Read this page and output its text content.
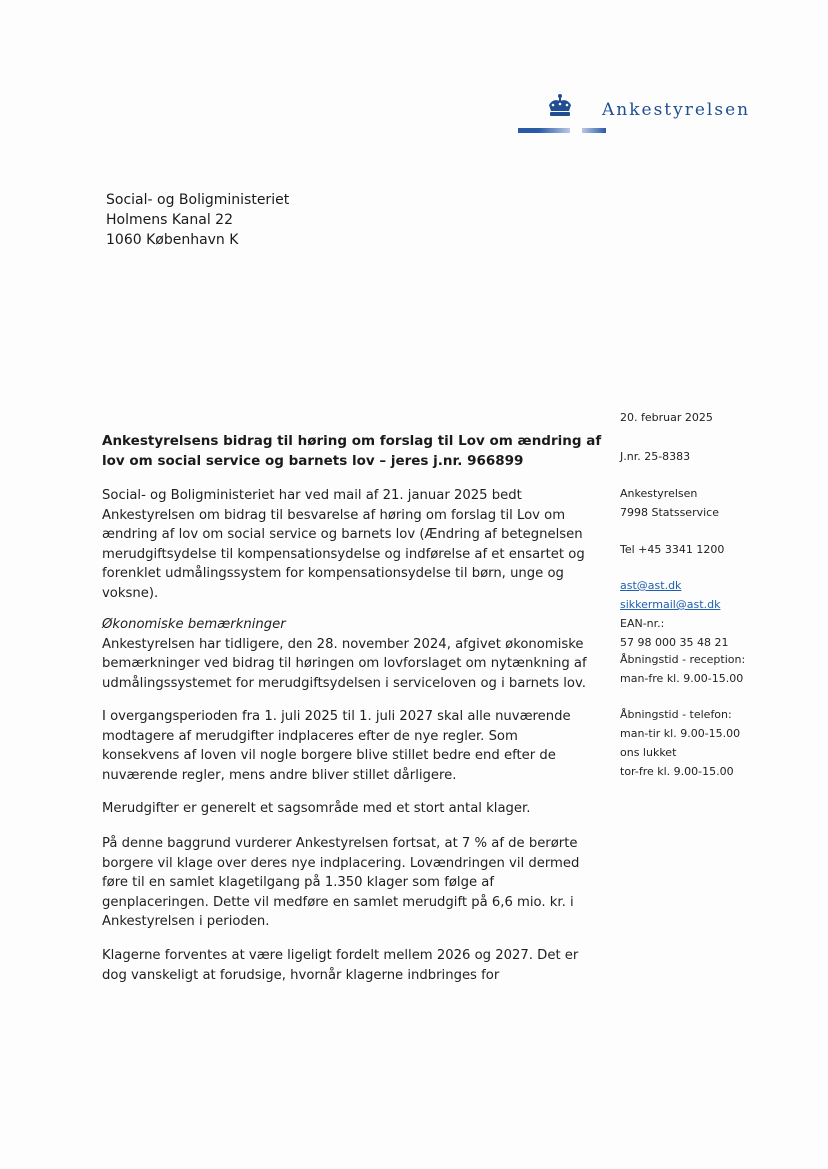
Ankestyrelsen
Social- og Boligministeriet
Holmens Kanal 22
1060 København K
20. februar 2025
J.nr. 25-8383
Ankestyrelsen
7998 Statsservice
Tel +45 3341 1200
ast@ast.dk
sikkermail@ast.dk
EAN-nr.:
57 98 000 35 48 21
Åbningstid - reception:
man-fre kl. 9.00-15.00
Åbningstid - telefon:
man-tir kl. 9.00-15.00
ons lukket
tor-fre kl. 9.00-15.00
Ankestyrelsens bidrag til høring om forslag til Lov om ændring af
lov om social service og barnets lov – jeres j.nr. 966899
Social- og Boligministeriet har ved mail af 21. januar 2025 bedt
Ankestyrelsen om bidrag til besvarelse af høring om forslag til Lov om
ændring af lov om social service og barnets lov (Ændring af betegnelsen
merudgiftsydelse til kompensationsydelse og indførelse af et ensartet og
forenklet udmålingssystem for kompensationsydelse til børn, unge og
voksne).
Økonomiske bemærkninger
Ankestyrelsen har tidligere, den 28. november 2024, afgivet økonomiske
bemærkninger ved bidrag til høringen om lovforslaget om nytænkning af
udmålingssystemet for merudgiftsydelsen i serviceloven og i barnets lov.
I overgangsperioden fra 1. juli 2025 til 1. juli 2027 skal alle nuværende
modtagere af merudgifter indplaceres efter de nye regler. Som
konsekvens af loven vil nogle borgere blive stillet bedre end efter de
nuværende regler, mens andre bliver stillet dårligere.
Merudgifter er generelt et sagsområde med et stort antal klager.
På denne baggrund vurderer Ankestyrelsen fortsat, at 7 % af de berørte
borgere vil klage over deres nye indplacering. Lovændringen vil dermed
føre til en samlet klagetilgang på 1.350 klager som følge af
genplaceringen. Dette vil medføre en samlet merudgift på 6,6 mio. kr. i
Ankestyrelsen i perioden.
Klagerne forventes at være ligeligt fordelt mellem 2026 og 2027. Det er
dog vanskeligt at forudsige, hvornår klagerne indbringes for
